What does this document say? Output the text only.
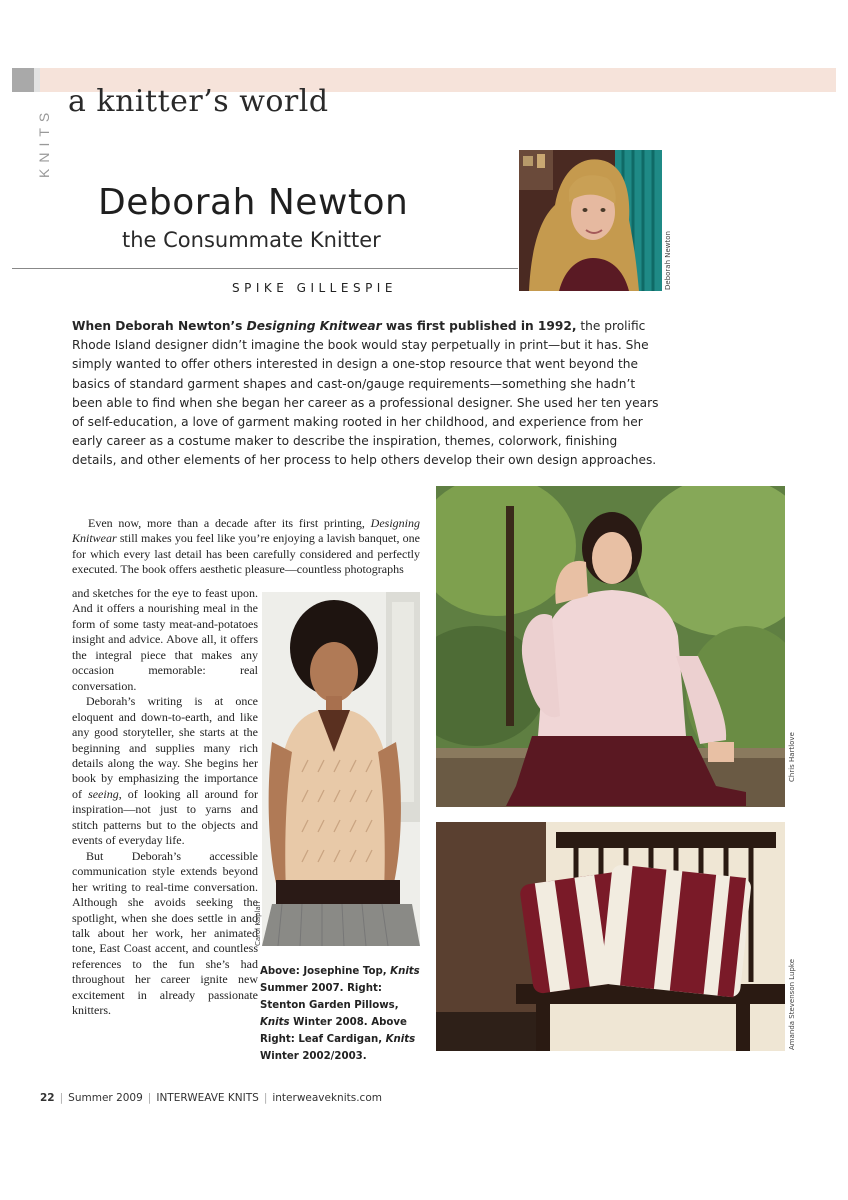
KNITS
a knitter’s world
Deborah Newton
the Consummate Knitter
SPIKE GILLESPIE	Deborah Newton
When Deborah Newton’s Designing Knitwear was first published in 1992, the prolific Rhode Island designer didn’t imagine the book would stay perpetually in print—but it has. She simply wanted to offer others interested in design a one-stop resource that went beyond the basics of standard garment shapes and cast-on/gauge requirements—something she hadn’t been able to find when she began her career as a professional designer. She used her ten years of self-education, a love of garment making rooted in her childhood, and experience from her early career as a costume maker to describe the inspiration, themes, colorwork, finishing details, and other elements of her process to help others develop their own design approaches.

Even now, more than a decade after its first printing, Designing Knitwear still makes you feel like you’re enjoying a lavish banquet, one for which every last detail has been carefully considered and perfectly executed. The book offers aesthetic pleasure—countless photographs

and sketches for the eye to feast upon. And it offers a nourishing meal in the form of some tasty meat-and-potatoes insight and advice. Above all, it offers the integral piece that makes any occasion memorable: real conversation.

Deborah’s writing is at once eloquent and down-to-earth, and like any good storyteller, she starts at the beginning and supplies many rich details along the way. She begins her book by emphasizing the importance of seeing, of looking all around for inspiration—not just to yarns and stitch patterns but to the objects and events of everyday life.

But Deborah’s accessible communication style extends beyond her writing to real-time conversation. Although she avoids seeking the spotlight, when she does settle in and talk about her work, her animated tone, East Coast accent, and countless references to the fun she’s had throughout her career ignite new excitement in already passionate knitters.

Carol Kaplan
Chris Hartlove
Amanda Stevenson Lupke
Above: Josephine Top, Knits Summer 2007. Right: Stenton Garden Pillows, Knits Winter 2008. Above Right: Leaf Cardigan, Knits Winter 2002/2003.
22 | Summer 2009 | INTERWEAVE KNITS | interweaveknits.com
